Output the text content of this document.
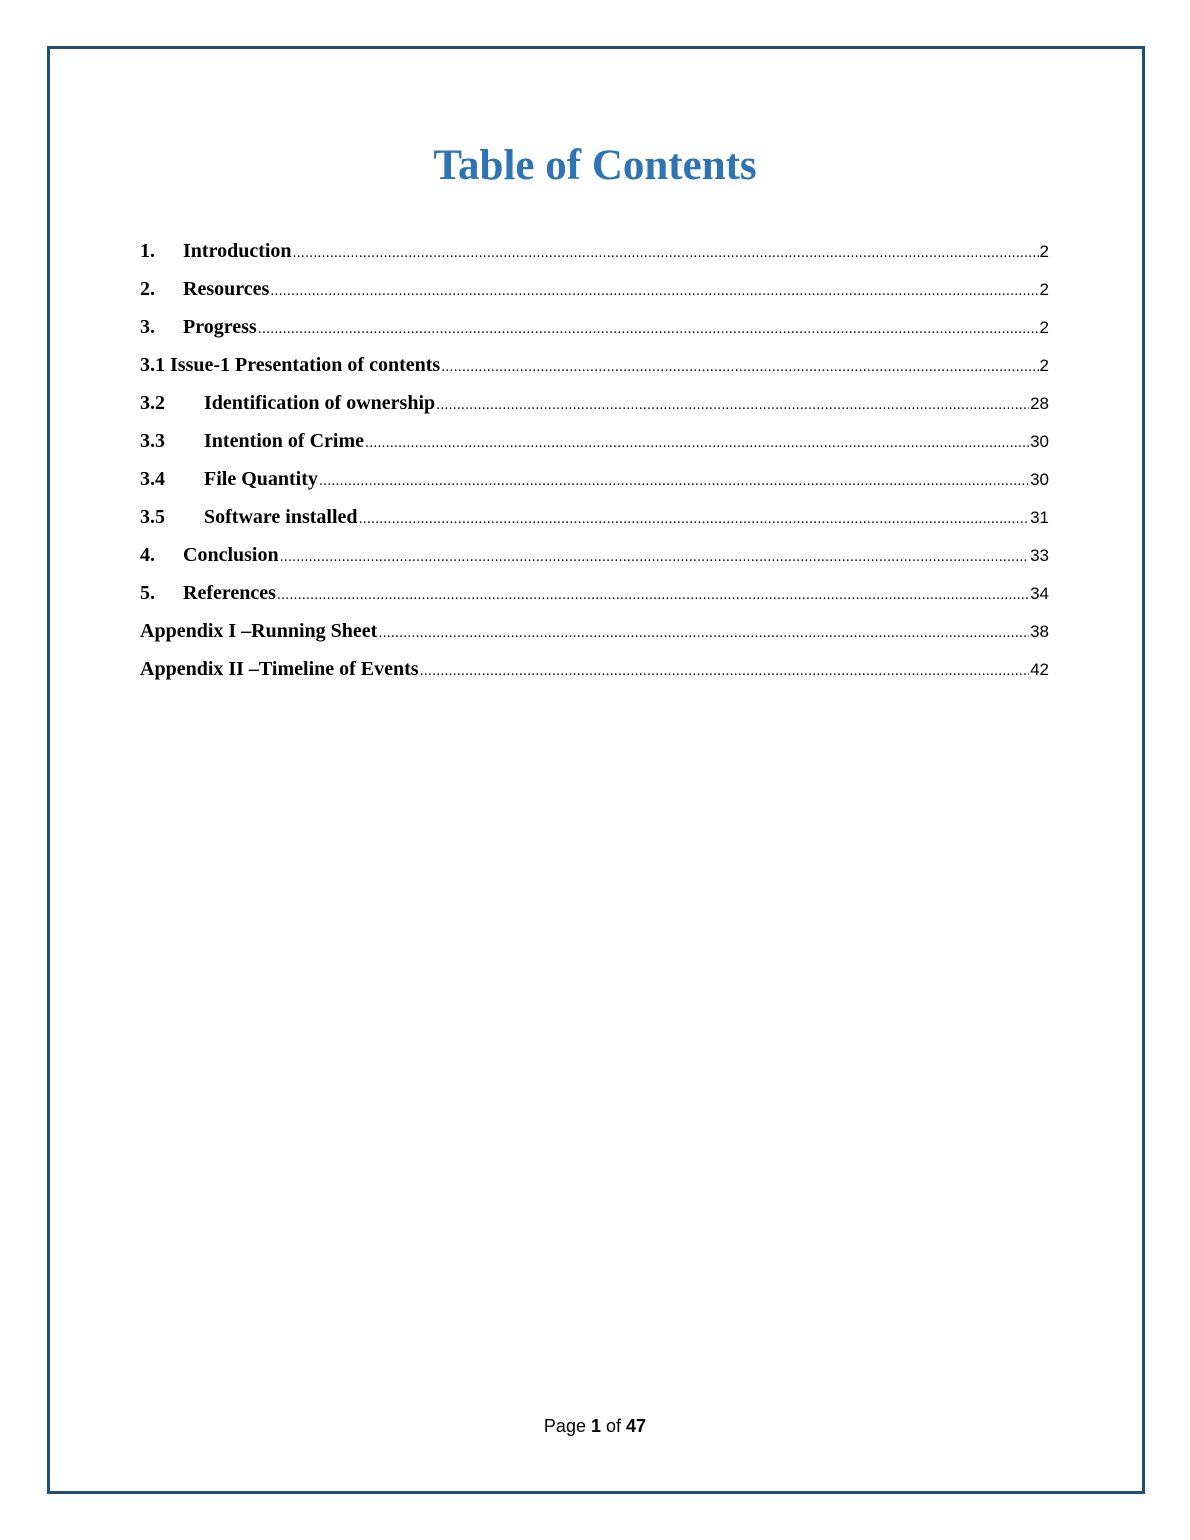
Table of Contents
1.	Introduction .....	2
2.	Resources .....	2
3.	Progress .....	2
3.1 Issue-1 Presentation of contents .....	2
3.2	Identification of ownership .....	28
3.3	Intention of Crime .....	30
3.4	File Quantity .....	30
3.5	Software installed .....	31
4.	Conclusion .....	33
5.	References .....	34
Appendix I –Running Sheet .....	38
Appendix II –Timeline of Events .....	42
Page 1 of 47
